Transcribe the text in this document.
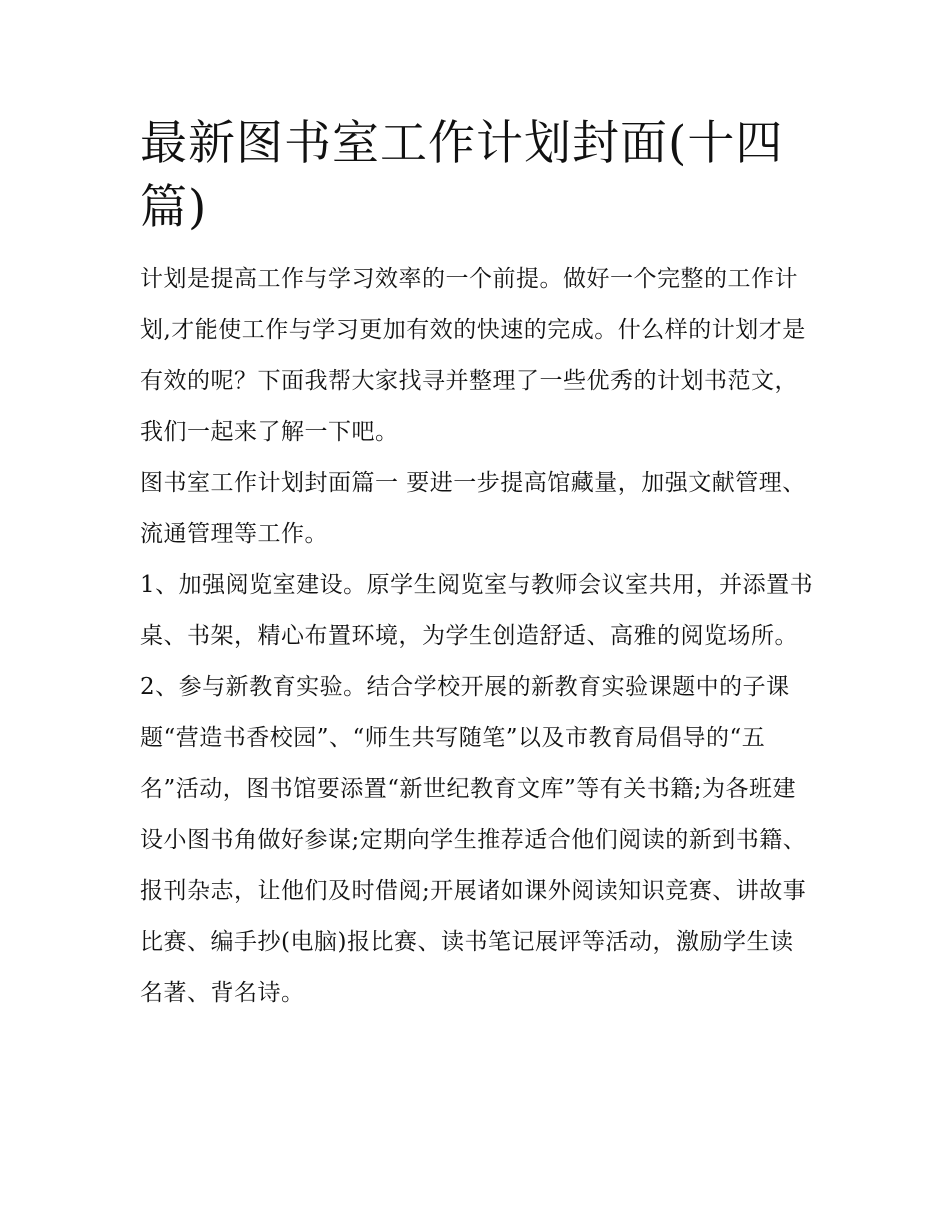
最新图书室工作计划封面(十四篇)

计划是提高工作与学习效率的一个前提。做好一个完整的工作计划,才能使工作与学习更加有效的快速的完成。什么样的计划才是有效的呢？下面我帮大家找寻并整理了一些优秀的计划书范文，我们一起来了解一下吧。

图书室工作计划封面篇一 要进一步提高馆藏量，加强文献管理、流通管理等工作。

1、加强阅览室建设。原学生阅览室与教师会议室共用，并添置书桌、书架，精心布置环境，为学生创造舒适、高雅的阅览场所。

2、参与新教育实验。结合学校开展的新教育实验课题中的子课题“营造书香校园”、“师生共写随笔”以及市教育局倡导的“五名”活动，图书馆要添置“新世纪教育文库”等有关书籍;为各班建设小图书角做好参谋;定期向学生推荐适合他们阅读的新到书籍、报刊杂志，让他们及时借阅;开展诸如课外阅读知识竞赛、讲故事比赛、编手抄(电脑)报比赛、读书笔记展评等活动，激励学生读名著、背名诗。
